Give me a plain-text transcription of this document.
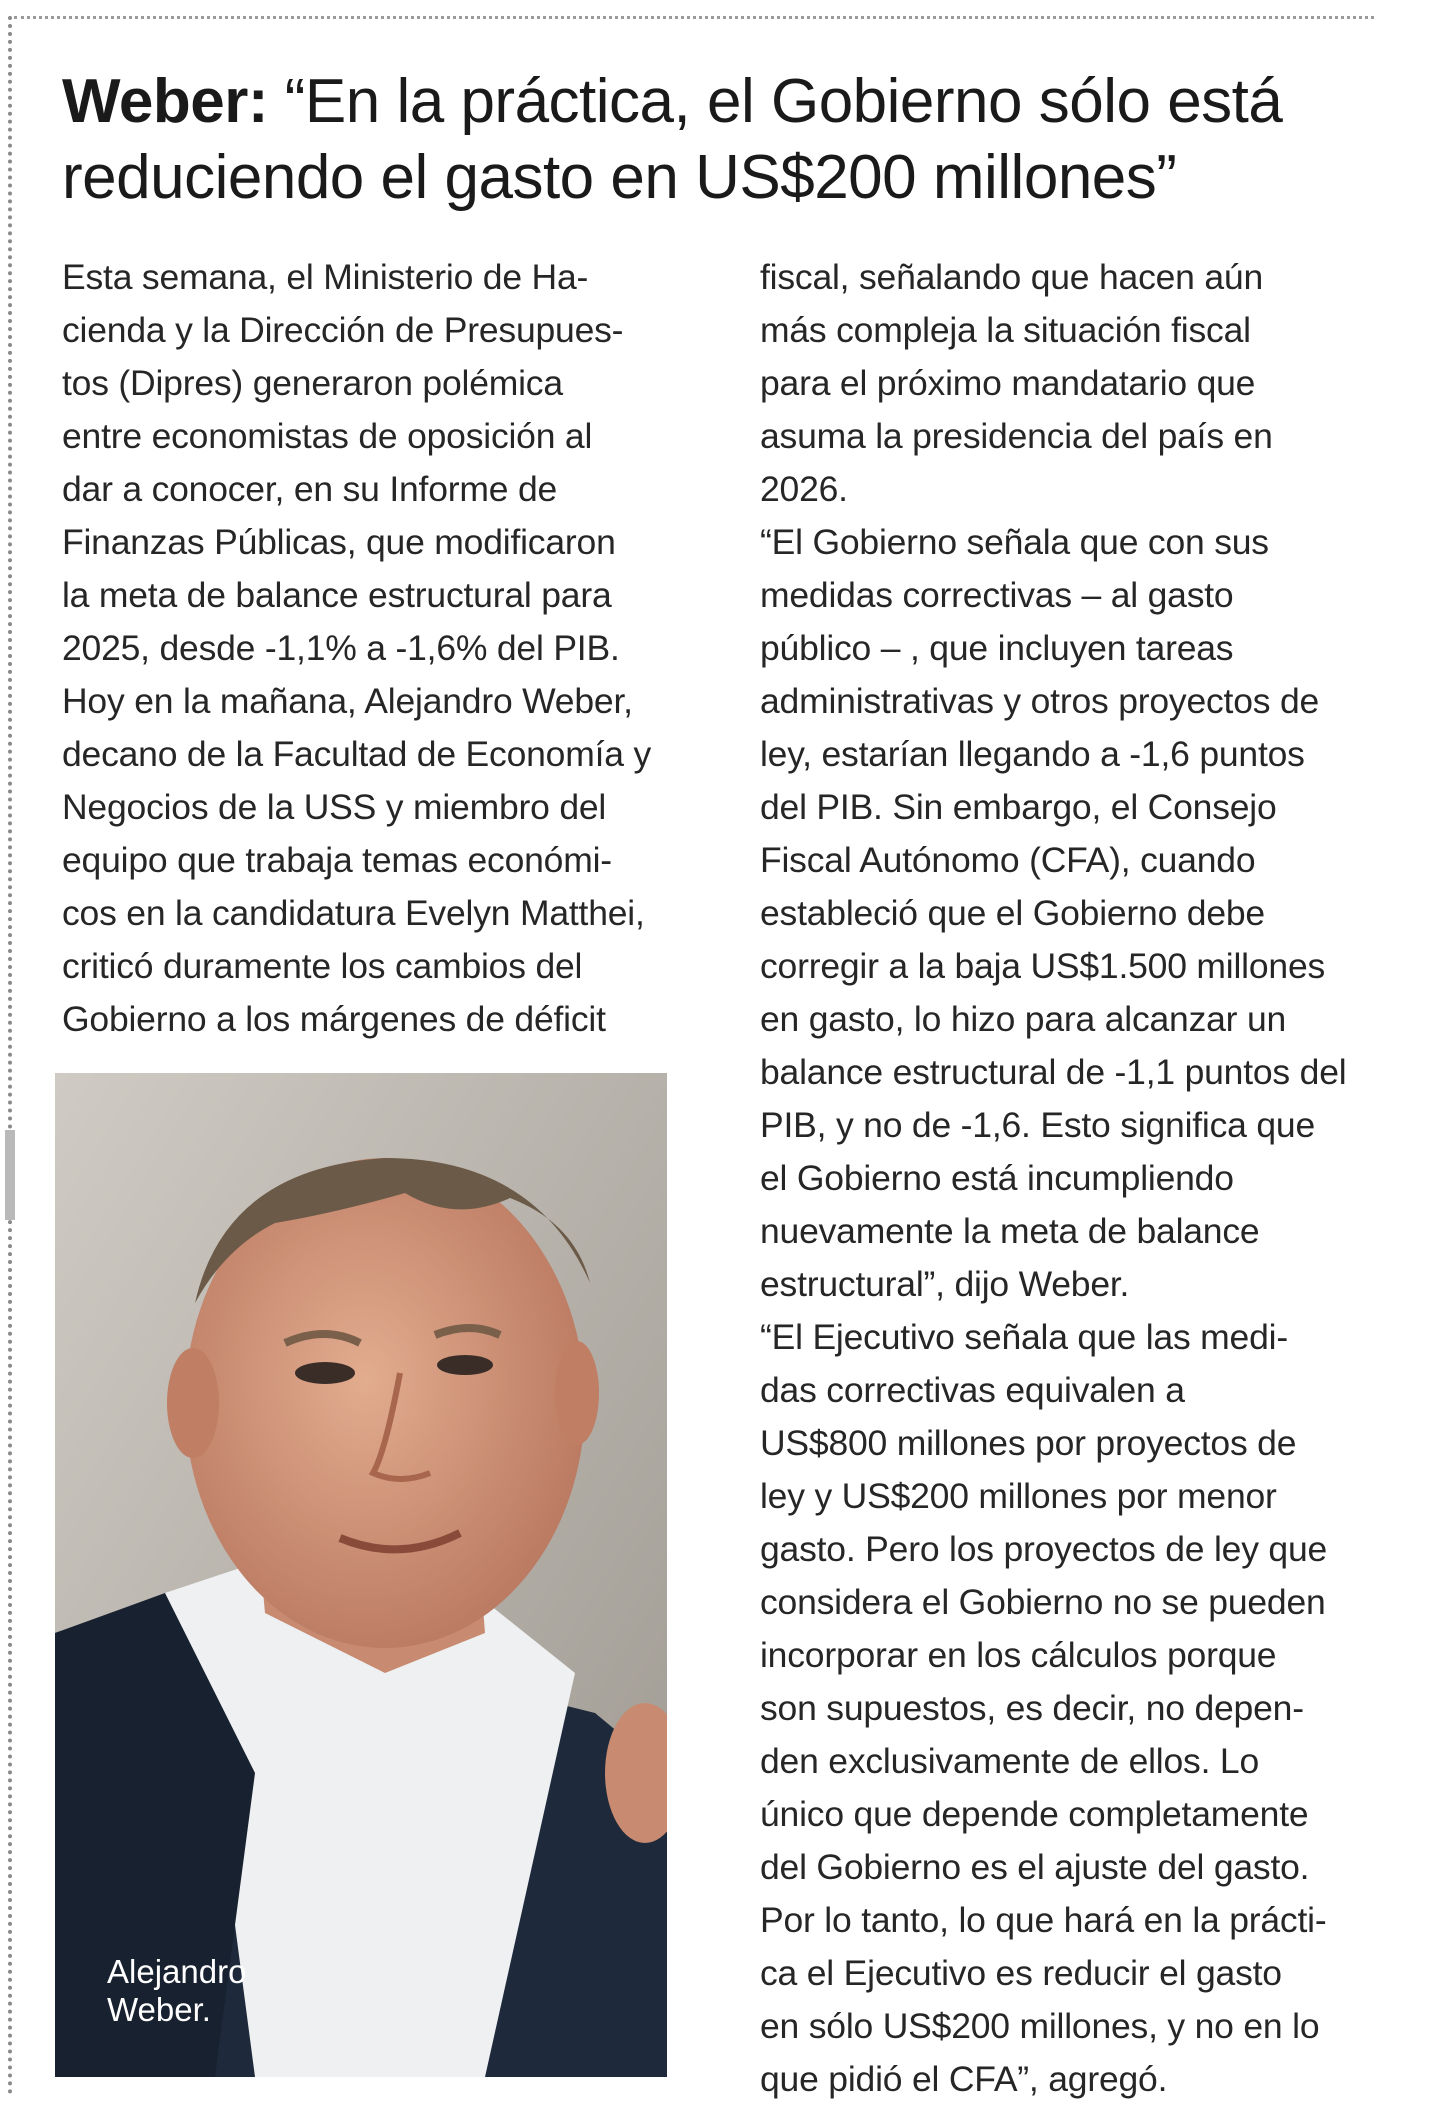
Weber: “En la práctica, el Gobierno sólo está reduciendo el gasto en US$200 millones”

Esta semana, el Ministerio de Ha-
cienda y la Dirección de Presupues-
tos (Dipres) generaron polémica
entre economistas de oposición al
dar a conocer, en su Informe de
Finanzas Públicas, que modificaron
la meta de balance estructural para
2025, desde -1,1% a -1,6% del PIB.
Hoy en la mañana, Alejandro Weber,
decano de la Facultad de Economía y
Negocios de la USS y miembro del
equipo que trabaja temas económi-
cos en la candidatura Evelyn Matthei,
criticó duramente los cambios del
Gobierno a los márgenes de déficit

Alejandro
Weber.

fiscal, señalando que hacen aún
más compleja la situación fiscal
para el próximo mandatario que
asuma la presidencia del país en
2026.
“El Gobierno señala que con sus
medidas correctivas – al gasto
público – , que incluyen tareas
administrativas y otros proyectos de
ley, estarían llegando a -1,6 puntos
del PIB. Sin embargo, el Consejo
Fiscal Autónomo (CFA), cuando
estableció que el Gobierno debe
corregir a la baja US$1.500 millones
en gasto, lo hizo para alcanzar un
balance estructural de -1,1 puntos del
PIB, y no de -1,6. Esto significa que
el Gobierno está incumpliendo
nuevamente la meta de balance
estructural”, dijo Weber.
“El Ejecutivo señala que las medi-
das correctivas equivalen a
US$800 millones por proyectos de
ley y US$200 millones por menor
gasto. Pero los proyectos de ley que
considera el Gobierno no se pueden
incorporar en los cálculos porque
son supuestos, es decir, no depen-
den exclusivamente de ellos. Lo
único que depende completamente
del Gobierno es el ajuste del gasto.
Por lo tanto, lo que hará en la prácti-
ca el Ejecutivo es reducir el gasto
en sólo US$200 millones, y no en lo
que pidió el CFA”, agregó.
